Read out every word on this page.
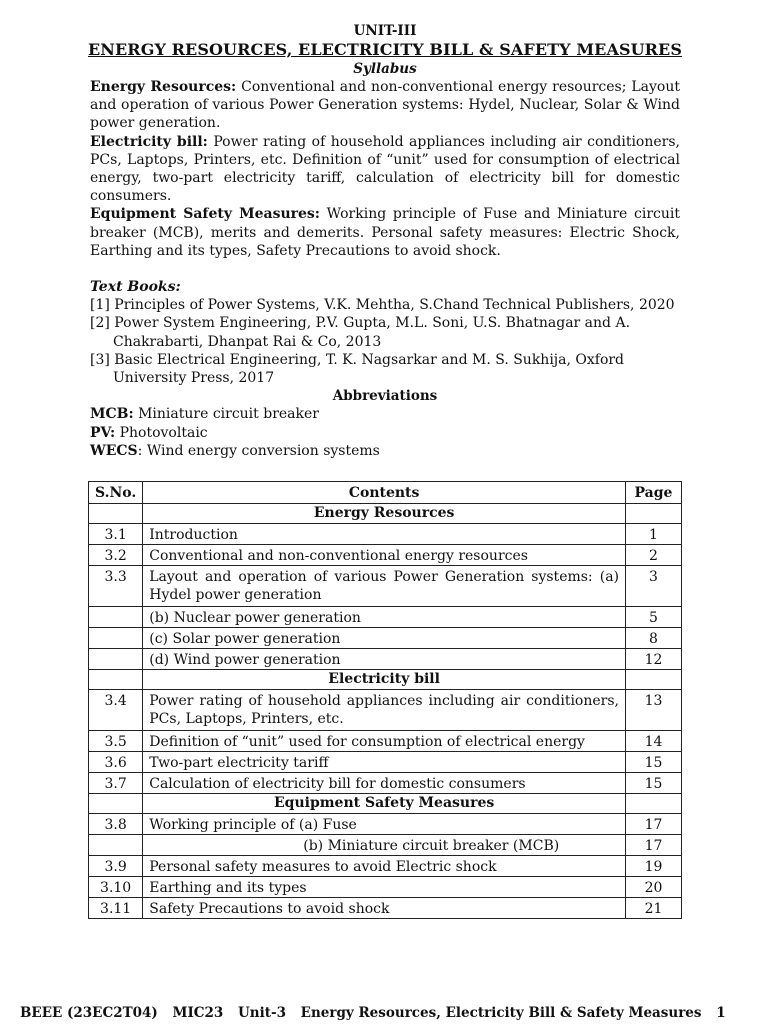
UNIT-III
ENERGY RESOURCES, ELECTRICITY BILL & SAFETY MEASURES
Syllabus

Energy Resources: Conventional and non-conventional energy resources; Layout and operation of various Power Generation systems: Hydel, Nuclear, Solar & Wind power generation.

Electricity bill: Power rating of household appliances including air conditioners, PCs, Laptops, Printers, etc. Definition of “unit” used for consumption of electrical energy, two-part electricity tariff, calculation of electricity bill for domestic consumers.

Equipment Safety Measures: Working principle of Fuse and Miniature circuit breaker (MCB), merits and demerits. Personal safety measures: Electric Shock, Earthing and its types, Safety Precautions to avoid shock.

Text Books:
[1] Principles of Power Systems, V.K. Mehtha, S.Chand Technical Publishers, 2020
[2] Power System Engineering, P.V. Gupta, M.L. Soni, U.S. Bhatnagar and A.
Chakrabarti, Dhanpat Rai & Co, 2013
[3] Basic Electrical Engineering, T. K. Nagsarkar and M. S. Sukhija, Oxford
University Press, 2017
Abbreviations
MCB: Miniature circuit breaker
PV: Photovoltaic
WECS: Wind energy conversion systems
S.No.	Contents	Page
	Energy Resources	
3.1	Introduction	1
3.2	Conventional and non-conventional energy resources	2
3.3	Layout and operation of various Power Generation systems: (a) Hydel power generation	3
	(b) Nuclear power generation	5
	(c) Solar power generation	8
	(d) Wind power generation	12
	Electricity bill	
3.4	Power rating of household appliances including air conditioners, PCs, Laptops, Printers, etc.	13
3.5	Definition of “unit” used for consumption of electrical energy	14
3.6	Two-part electricity tariff	15
3.7	Calculation of electricity bill for domestic consumers	15
	Equipment Safety Measures	
3.8	Working principle of (a) Fuse	17
	(b) Miniature circuit breaker (MCB)	17
3.9	Personal safety measures to avoid Electric shock	19
3.10	Earthing and its types	20
3.11	Safety Precautions to avoid shock	21
BEEE (23EC2T04) MIC23 Unit-3 Energy Resources, Electricity Bill & Safety Measures 1
